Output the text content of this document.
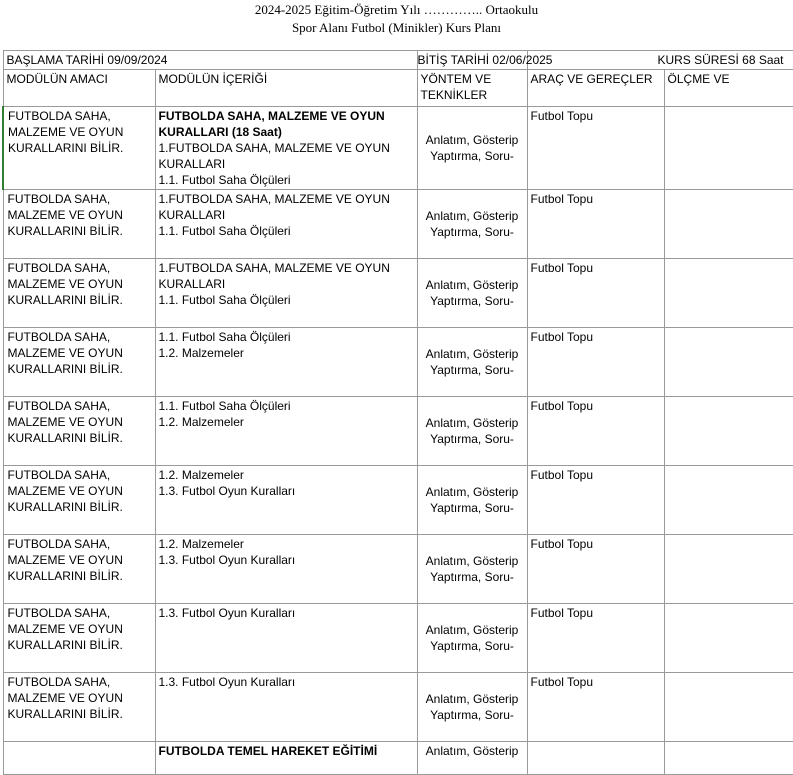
2024-2025 Eğitim-Öğretim Yılı ………….. Ortaokulu
Spor Alanı Futbol (Minikler) Kurs Planı
BAŞLAMA TARİHİ 09/09/2024		BİTİŞ TARİHİ 02/06/2025	KURS SÜRESİ 68 Saat	
MODÜLÜN AMACI	MODÜLÜN İÇERİĞİ	YÖNTEM VE TEKNİKLER	ARAÇ VE GEREÇLER	ÖLÇME VE
FUTBOLDA SAHA, MALZEME VE OYUN KURALLARINI BİLİR.	FUTBOLDA SAHA, MALZEME VE OYUN KURALLARI (18 Saat)
1.FUTBOLDA SAHA, MALZEME VE OYUN KURALLARI
1.1. Futbol Saha Ölçüleri	Anlatım, Gösterip Yaptırma, Soru-	Futbol Topu	
FUTBOLDA SAHA, MALZEME VE OYUN KURALLARINI BİLİR.	1.FUTBOLDA SAHA, MALZEME VE OYUN KURALLARI
1.1. Futbol Saha Ölçüleri	Anlatım, Gösterip Yaptırma, Soru-	Futbol Topu	
FUTBOLDA SAHA, MALZEME VE OYUN KURALLARINI BİLİR.	1.FUTBOLDA SAHA, MALZEME VE OYUN KURALLARI
1.1. Futbol Saha Ölçüleri	Anlatım, Gösterip Yaptırma, Soru-	Futbol Topu	
FUTBOLDA SAHA, MALZEME VE OYUN KURALLARINI BİLİR.	1.1. Futbol Saha Ölçüleri
1.2. Malzemeler	Anlatım, Gösterip Yaptırma, Soru-	Futbol Topu	
FUTBOLDA SAHA, MALZEME VE OYUN KURALLARINI BİLİR.	1.1. Futbol Saha Ölçüleri
1.2. Malzemeler	Anlatım, Gösterip Yaptırma, Soru-	Futbol Topu	
FUTBOLDA SAHA, MALZEME VE OYUN KURALLARINI BİLİR.	1.2. Malzemeler
1.3. Futbol Oyun Kuralları	Anlatım, Gösterip Yaptırma, Soru-	Futbol Topu	
FUTBOLDA SAHA, MALZEME VE OYUN KURALLARINI BİLİR.	1.2. Malzemeler
1.3. Futbol Oyun Kuralları	Anlatım, Gösterip Yaptırma, Soru-	Futbol Topu	
FUTBOLDA SAHA, MALZEME VE OYUN KURALLARINI BİLİR.	1.3. Futbol Oyun Kuralları	Anlatım, Gösterip Yaptırma, Soru-	Futbol Topu	
FUTBOLDA SAHA, MALZEME VE OYUN KURALLARINI BİLİR.	1.3. Futbol Oyun Kuralları	Anlatım, Gösterip Yaptırma, Soru-	Futbol Topu	
	FUTBOLDA TEMEL HAREKET EĞİTİMİ	Anlatım, Gösterip		
